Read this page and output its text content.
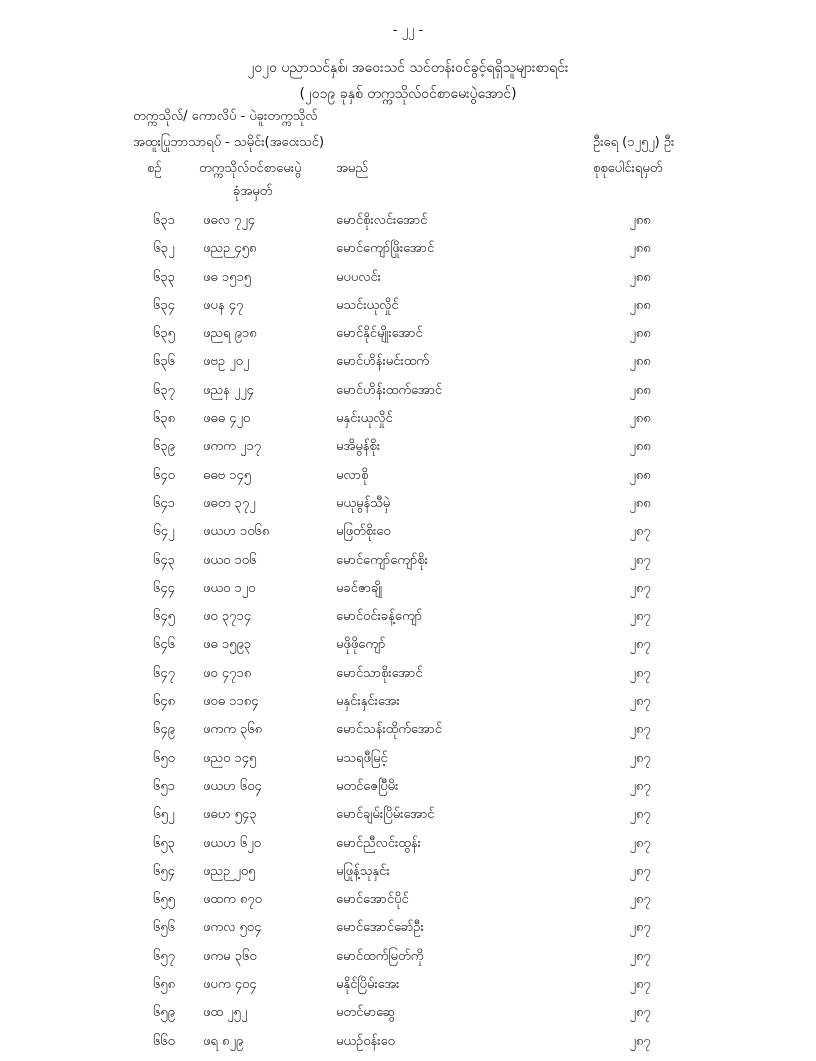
- ၂၂ -
၂၀၂၀ ပညာသင်နှစ်၊ အဝေးသင် သင်တန်းဝင်ခွင့်ရရှိသူများစာရင်း
(၂၀၁၉ ခုနှစ် တက္ကသိုလ်ဝင်စာမေးပွဲအောင်)
တက္ကသိုလ်/ ကောလိပ် - ပဲခူးတက္ကသိုလ်
အထူးပြုဘာသာရပ် - သမိုင်း(အဝေးသင်)	ဦးရေ (၁၂၅၂) ဦး
စဉ်	တက္ကသိုလ်ဝင်စာမေးပွဲ
ခုံအမှတ်
အမည်	စုစုပေါင်းရမှတ်
၆၃၁	ဖဓလ ၇၂၄	မောင်စိုးလင်းအောင်	၂၈၈
၆၃၂	ဖညဉ ၄၅၈	မောင်ကျော်ဖြိုးအောင်	၂၈၈
၆၃၃	ဖဓ ၁၅၁၅	မပပလင်း	၂၈၈
၆၃၄	ဖပန ၄၇	မသင်းယုလှိုင်	၂၈၈
၆၃၅	ဖညရ ၉၁၈	မောင်နိုင်မျိုးအောင်	၂၈၈
၆၃၆	ဖဗဥ ၂၀၂	မောင်ဟိန်းမင်းထက်	၂၈၈
၆၃၇	ဖညန ၂၂၄	မောင်ဟိန်းထက်အောင်	၂၈၈
၆၃၈	ဖဓဓ ၄၂၀	မနှင်းယုလှိုင်	၂၈၈
၆၃၉	ဖကက ၂၁၇	မအိမွန်စိုး	၂၈၈
၆၄၀	ဓဓဗ ၁၄၅	မလာစို	၂၈၈
၆၄၁	ဖဓတ ၃၇၂	မယုမွန်သီမှဲ	၂၈၈
၆၄၂	ဖယဟ ၁၀၆၈	မဖြတ်စိုးဝေ	၂၈၇
၆၄၃	ဖယဝ ၁၀၆	မောင်ကျော်ကျော်စိုး	၂၈၇
၆၄၄	ဖယဝ ၁၂၀	မခင်ဇာချို	၂၈၇
၆၄၅	ဖဝ ၃၇၁၄	မောင်ဝင်းခန့်ကျော်	၂၈၇
၆၄၆	ဖဓ ၁၅၉၃	မဖိုဖိုကျော်	၂၈၇
၆၄၇	ဖဝ ၄၇၁၈	မောင်သာစိုးအောင်	၂၈၇
၆၄၈	ဖဝဓ ၁၁၈၄	မနှင်းနှင်းအေး	၂၈၇
၆၄၉	ဖကက ၃၆၈	မောင်သန်းထိုက်အောင်	၂၈၇
၆၅၀	ဖညဝ ၁၄၅	မသရဖီမြင့်	၂၈၇
၆၅၁	ဖယဟ ၆၀၄	မတင်ဇေပြီမိး	၂၈၇
၆၅၂	ဖဓဟ ၅၄၃	မောင်ချမ်းပြိမ်းအောင်	၂၈၇
၆၅၃	ဖယဟ ၆၂၀	မောင်ညီလင်းထွန်း	၂၈၇
၆၅၄	ဖညဉ ၂၀၅	မဖြုန့်သုနှင်း	၂၈၇
၆၅၅	ဖထက ၈၇၀	မောင်အောင်ပိုင်	၂၈၇
၆၅၆	ဖကလ ၅၀၄	မောင်အောင်ခော်ဦး	၂၈၇
၆၅၇	ဖကမ ၃၆၀	မောင်ထက်မြတ်ကို	၂၈၇
၆၅၈	ဖပက ၄၀၄	မနိုင်ပြိမ်းအေး	၂၈၇
၆၅၉	ဖထ ၂၅၂	မတင်မာဆွေ	၂၈၇
၆၆၀	ဖရ ၈၂၉	မယဉ်ဝန်းဝေ	၂၈၇
